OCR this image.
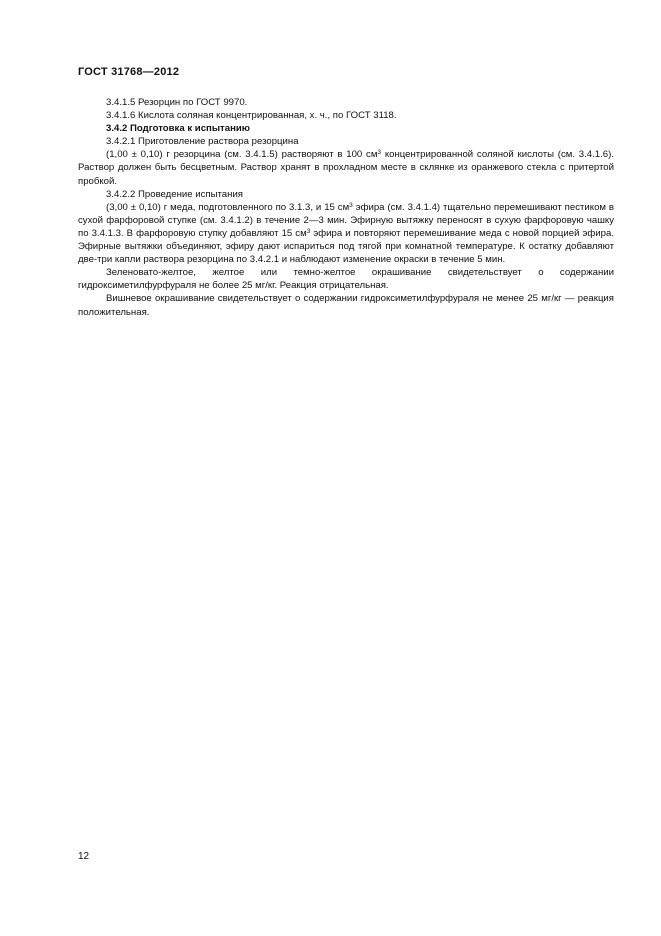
ГОСТ 31768—2012

3.4.1.5 Резорцин по ГОСТ 9970.

3.4.1.6 Кислота соляная концентрированная, х. ч., по ГОСТ 3118.

3.4.2 Подготовка к испытанию

3.4.2.1 Приготовление раствора резорцина

(1,00 ± 0,10) г резорцина (см. 3.4.1.5) растворяют в 100 $см^3$ концентрированной соляной кислоты (см. 3.4.1.6). Раствор должен быть бесцветным. Раствор хранят в прохладном месте в склянке из оранжевого стекла с притертой пробкой.

3.4.2.2 Проведение испытания

(3,00 ± 0,10) г меда, подготовленного по 3.1.3, и 15 $см^3$ эфира (см. 3.4.1.4) тщательно перемешивают пестиком в сухой фарфоровой ступке (см. 3.4.1.2) в течение 2—3 мин. Эфирную вытяжку переносят в сухую фарфоровую чашку по 3.4.1.3. В фарфоровую ступку добавляют 15 $см^3$ эфира и повторяют перемешивание меда с новой порцией эфира. Эфирные вытяжки объединяют, эфиру дают испариться под тягой при комнатной температуре. К остатку добавляют две-три капли раствора резорцина по 3.4.2.1 и наблюдают изменение окраски в течение 5 мин.

Зеленовато-желтое, желтое или темно-желтое окрашивание свидетельствует о содержании гидроксиметилфурфураля не более 25 мг/кг. Реакция отрицательная.

Вишневое окрашивание свидетельствует о содержании гидроксиметилфурфураля не менее 25 мг/кг — реакция положительная.

12
